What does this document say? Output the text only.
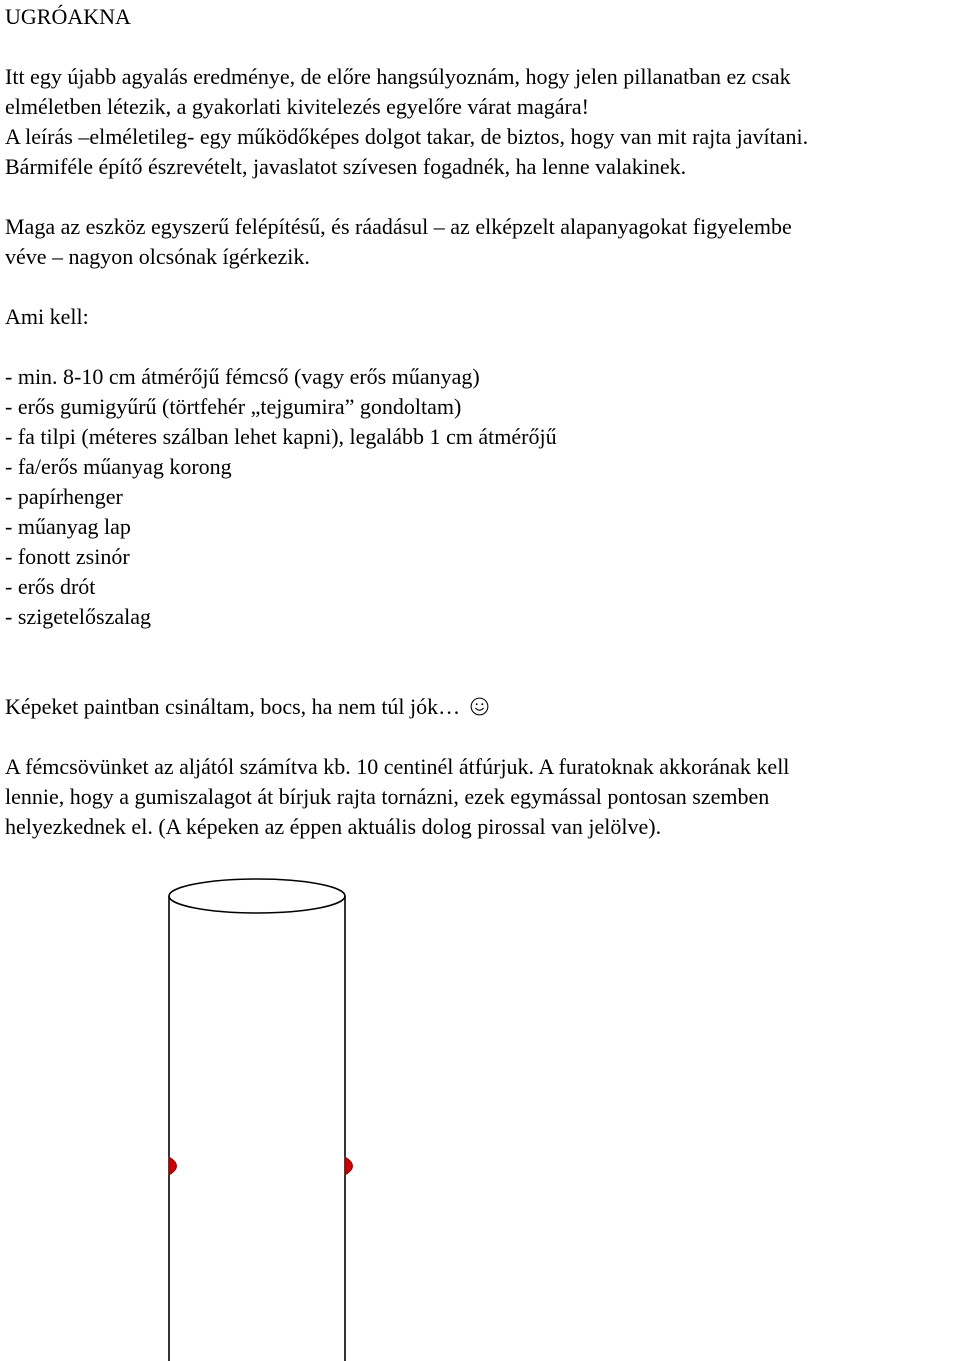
UGRÓAKNA
Itt egy újabb agyalás eredménye, de előre hangsúlyoznám, hogy jelen pillanatban ez csak
elméletben létezik, a gyakorlati kivitelezés egyelőre várat magára!
A leírás –elméletileg- egy működőképes dolgot takar, de biztos, hogy van mit rajta javítani.
Bármiféle építő észrevételt, javaslatot szívesen fogadnék, ha lenne valakinek.
Maga az eszköz egyszerű felépítésű, és ráadásul – az elképzelt alapanyagokat figyelembe
véve – nagyon olcsónak ígérkezik.
Ami kell:
- min. 8-10 cm átmérőjű fémcső (vagy erős műanyag)
- erős gumigyűrű (törtfehér „tejgumira” gondoltam)
- fa tilpi (méteres szálban lehet kapni), legalább 1 cm átmérőjű
- fa/erős műanyag korong
- papírhenger
- műanyag lap
- fonott zsinór
- erős drót
- szigetelőszalag
Képeket paintban csináltam, bocs, ha nem túl jók…
A fémcsövünket az aljától számítva kb. 10 centinél átfúrjuk. A furatoknak akkorának kell
lennie, hogy a gumiszalagot át bírjuk rajta tornázni, ezek egymással pontosan szemben
helyezkednek el. (A képeken az éppen aktuális dolog pirossal van jelölve).
